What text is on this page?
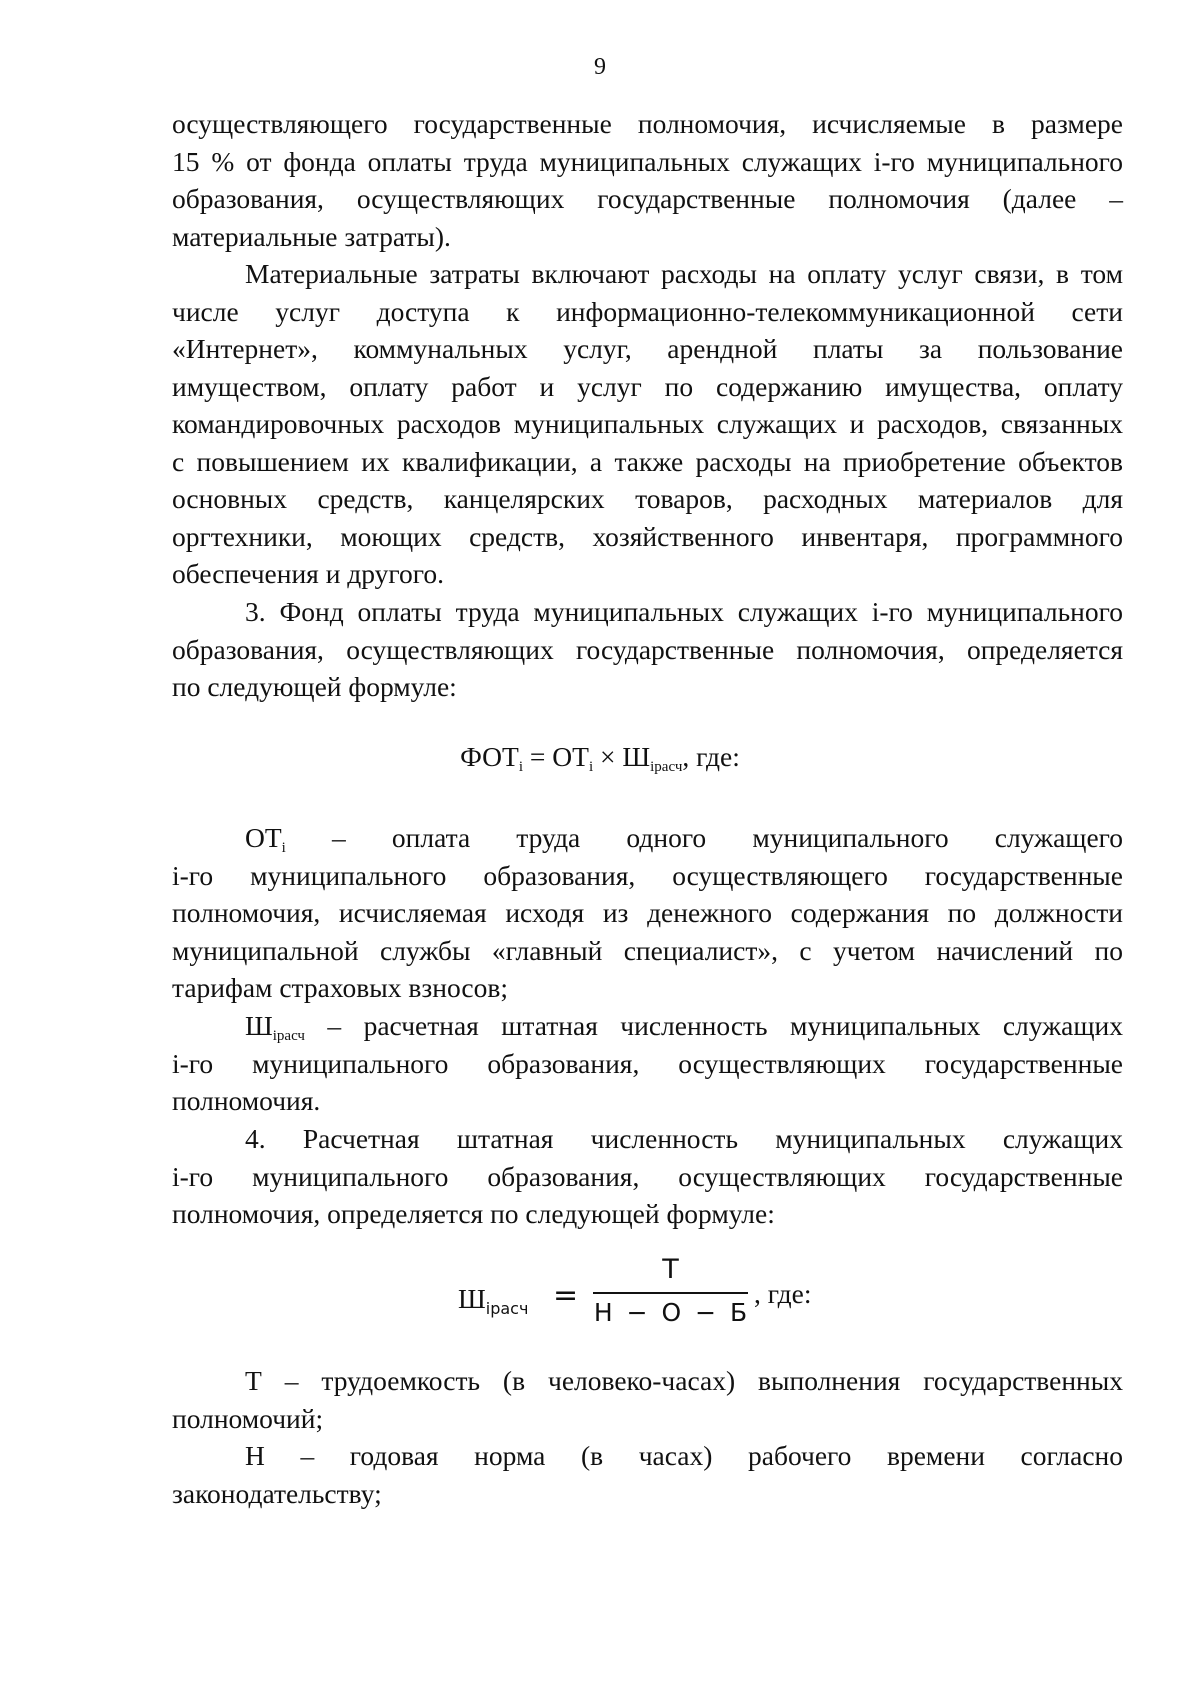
9

осуществляющего государственные полномочия, исчисляемые в размере

15 % от фонда оплаты труда муниципальных служащих i-го муниципального

образования, осуществляющих государственные полномочия (далее –

материальные затраты).

Материальные затраты включают расходы на оплату услуг связи, в том

числе услуг доступа к информационно-телекоммуникационной сети

«Интернет», коммунальных услуг, арендной платы за пользование

имуществом, оплату работ и услуг по содержанию имущества, оплату

командировочных расходов муниципальных служащих и расходов, связанных

с повышением их квалификации, а также расходы на приобретение объектов

основных средств, канцелярских товаров, расходных материалов для

оргтехники, моющих средств, хозяйственного инвентаря, программного

обеспечения и другого.

3. Фонд оплаты труда муниципальных служащих i-го муниципального

образования, осуществляющих государственные полномочия, определяется

по следующей формуле:

$ФОТ_i = ОТ_i \times Ш_{iрасч}$, где:

$ОТ_i$ – оплата труда одного муниципального служащего

i-го муниципального образования, осуществляющего государственные

полномочия, исчисляемая исходя из денежного содержания по должности

муниципальной службы «главный специалист», с учетом начислений по

тарифам страховых взносов;

$Ш_{iрасч}$ – расчетная штатная численность муниципальных служащих

i-го муниципального образования, осуществляющих государственные

полномочия.

4. Расчетная штатная численность муниципальных служащих

i-го муниципального образования, осуществляющих государственные

полномочия, определяется по следующей формуле:

$Ш_{iрасч}$ =
Т
Н − О − Б
, где:

Т – трудоемкость (в человеко-часах) выполнения государственных

полномочий;

Н – годовая норма (в часах) рабочего времени согласно

законодательству;
